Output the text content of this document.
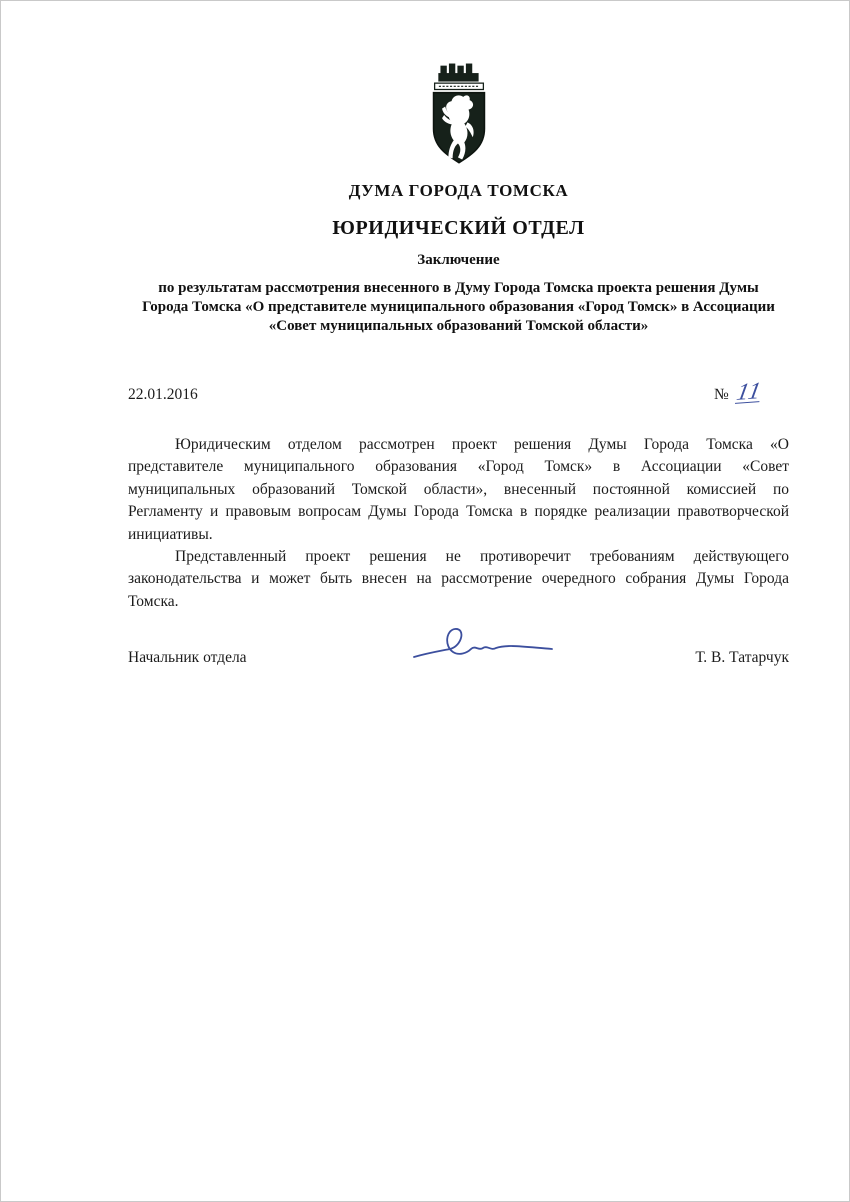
ДУМА ГОРОДА ТОМСКА
ЮРИДИЧЕСКИЙ ОТДЕЛ
Заключение
по результатам рассмотрения внесенного в Думу Города Томска проекта решения Думы Города Томска «О представителе муниципального образования «Город Томск» в Ассоциации «Совет муниципальных образований Томской области»
22.01.2016	№ 11

Юридическим отделом рассмотрен проект решения Думы Города Томска «О представителе муниципального образования «Город Томск» в Ассоциации «Совет муниципальных образований Томской области», внесенный постоянной комиссией по Регламенту и правовым вопросам Думы Города Томска в порядке реализации правотворческой инициативы.

Представленный проект решения не противоречит требованиям действующего законодательства и может быть внесен на рассмотрение очередного собрания Думы Города Томска.

Начальник отдела	Т. В. Татарчук
